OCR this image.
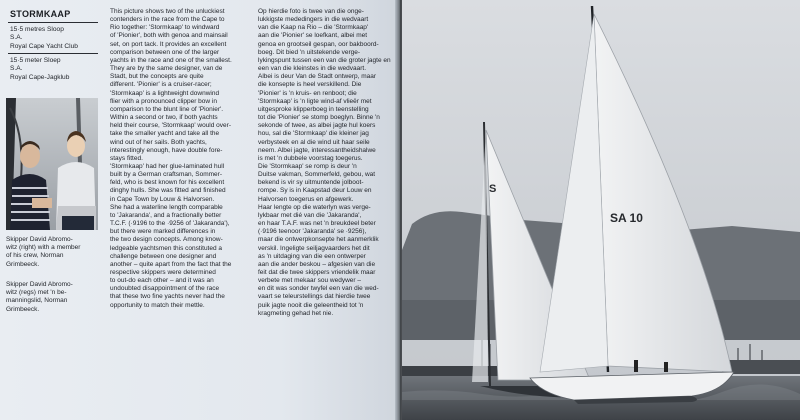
STORMKAAP
15·5 metres Sloop
S.A.
Royal Cape Yacht Club
15·5 meter Sloep
S.A.
Royal Cape-Jagklub
Skipper David Abromo-
witz (right) with a member
of his crew, Norman
Grimbeeck.
Skipper David Abromo-
witz (regs) met 'n be-
manningslid, Norman
Grimbeeck.
This picture shows two of the unluckiest
contenders in the race from the Cape to
Rio together: 'Stormkaap' to windward
of 'Pionier', both with genoa and mainsail
set, on port tack. It provides an excellent
comparison between one of the larger
yachts in the race and one of the smallest.
They are by the same designer, van de
Stadt, but the concepts are quite
different. 'Pionier' is a cruiser-racer;
'Stormkaap' is a lightweight downwind
flier with a pronounced clipper bow in
comparison to the blunt line of 'Pionier'.
Within a second or two, if both yachts
held their course, 'Stormkaap' would over-
take the smaller yacht and take all the
wind out of her sails. Both yachts,
interestingly enough, have double fore-
stays fitted.
'Stormkaap' had her glue-laminated hull
built by a German craftsman, Sommer-
feld, who is best known for his excellent
dinghy hulls. She was fitted and finished
in Cape Town by Louw & Halvorsen.
She had a waterline length comparable
to 'Jakaranda', and a fractionally better
T.C.F. (·9196 to the ·9256 of 'Jakaranda'),
but there were marked differences in
the two design concepts. Among know-
ledgeable yachtsmen this constituted a
challenge between one designer and
another – quite apart from the fact that the
respective skippers were determined
to out-do each other – and it was an
undoubted disappointment of the race
that these two fine yachts never had the
opportunity to match their mettle.
Op hierdie foto is twee van die onge-
lukkigste mededingers in die wedvaart
van die Kaap na Rio – die 'Stormkaap'
aan die 'Pionier' se loefkant, albei met
genoa en grootseil gespan, oor bakboord-
boeg. Dit bied 'n uitstekende verge-
lykingspunt tussen een van die groter jagte en
een van die kleinstes in die wedvaart.
Albei is deur Van de Stadt ontwerp, maar
die konsepte is heel verskillend. Die
'Pionier' is 'n kruis- en renboot; die
'Stormkaap' is 'n ligte wind-af vlieër met
uitgesproke klipperboeg in teenstelling
tot die 'Pionier' se stomp boeglyn. Binne 'n
sekonde of twee, as albei jagte hul koers
hou, sal die 'Stormkaap' die kleiner jag
verbysteek en al die wind uit haar seile
neem. Albei jagte, interessantheidshalwe
is met 'n dubbele voorstag toegerus.
Die 'Stormkaap' se romp is deur 'n
Duitse vakman, Sommerfeld, gebou, wat
bekend is vir sy uitmuntende jolboot-
rompe. Sy is in Kaapstad deur Louw en
Halvorsen toegerus en afgewerk.
Haar lengte op die waterlyn was verge-
lykbaar met dié van die 'Jakaranda',
en haar T.A.F. was net 'n breukdeel beter
(·9196 teenoor 'Jakaranda' se ·9256),
maar die ontwerpkonsepte het aanmerklik
verskil. Ingeligte seiljagvaarders het dit
as 'n uitdaging van die een ontwerper
aan die ander beskou – afgesien van die
feit dat die twee skippers vriendelik maar
verbete met mekaar sou wedywer –
en dit was sonder twyfel een van die wed-
vaart se teleurstellings dat hierdie twee
puik jagte nooit die geleentheid tot 'n
kragmeting gehad het nie.
S
SA 10
